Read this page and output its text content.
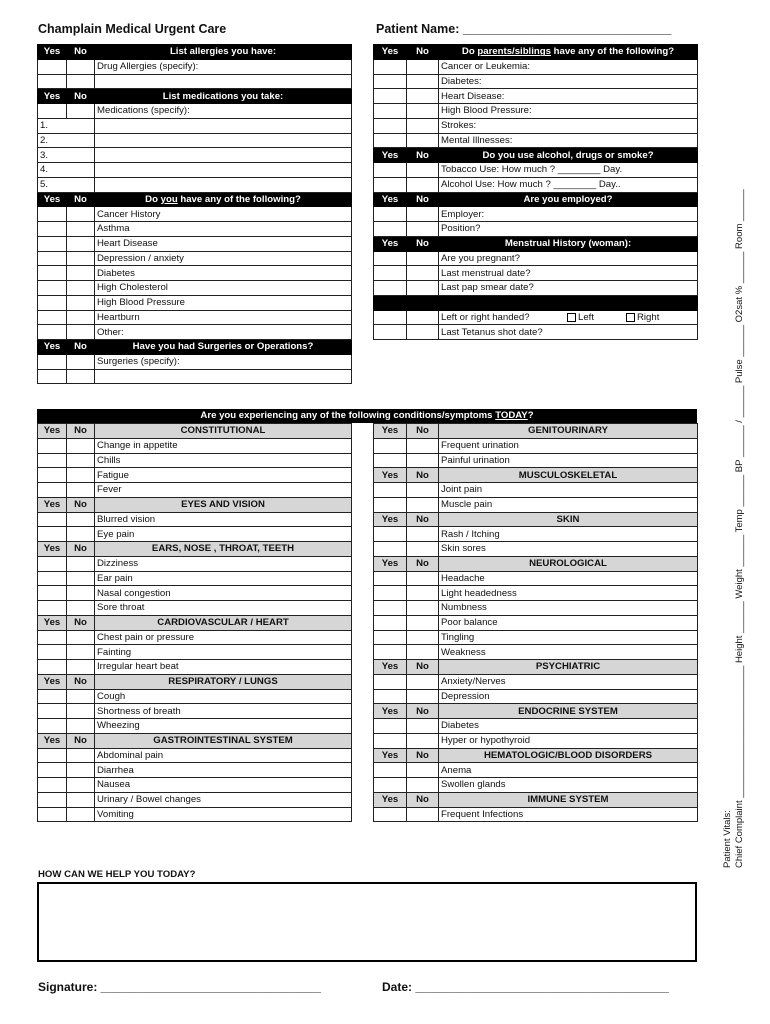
Champlain Medical Urgent Care	Patient Name: ______________________________
Yes	No	List allergies you have:
		Drug Allergies (specify):

Yes	No	List medications you take:
		Medications (specify):
1.		
2.		
3.		
4.		
5.		
Yes	No	Do you have any of the following?
		Cancer History
		Asthma
		Heart Disease
		Depression / anxiety
		Diabetes
		High Cholesterol
		High Blood Pressure
		Heartburn
		Other:
Yes	No	Have you had Surgeries or Operations?
		Surgeries (specify):

Yes	No	Do parents/siblings have any of the following?
		Cancer or Leukemia:
		Diabetes:
		Heart Disease:
		High Blood Pressure:
		Strokes:
		Mental Illnesses:
Yes	No	Do you use alcohol, drugs or smoke?
		Tobacco Use: How much ? ________ Day.
		Alcohol Use: How much ? ________ Day..
Yes	No	Are you employed?
		Employer:
		Position?
Yes	No	Menstrual History (woman):
		Are you pregnant?
		Last menstrual date?
		Last pap smear date?

		Left or right handed? Left Right
		Last Tetanus shot date?
Are you experiencing any of the following conditions/symptoms TODAY?
Yes	No	CONSTITUTIONAL
		Change in appetite
		Chills
		Fatigue
		Fever
Yes	No	EYES AND VISION
		Blurred vision
		Eye pain
Yes	No	EARS, NOSE , THROAT, TEETH
		Dizziness
		Ear pain
		Nasal congestion
		Sore throat
Yes	No	CARDIOVASCULAR / HEART
		Chest pain or pressure
		Fainting
		Irregular heart beat
Yes	No	RESPIRATORY / LUNGS
		Cough
		Shortness of breath
		Wheezing
Yes	No	GASTROINTESTINAL SYSTEM
		Abdominal pain
		Diarrhea
		Nausea
		Urinary / Bowel changes
		Vomiting
Yes	No	GENITOURINARY
		Frequent urination
		Painful urination
Yes	No	MUSCULOSKELETAL
		Joint pain
		Muscle pain
Yes	No	SKIN
		Rash / Itching
		Skin sores
Yes	No	NEUROLOGICAL
		Headache
		Light headedness
		Numbness
		Poor balance
		Tingling
		Weakness
Yes	No	PSYCHIATRIC
		Anxiety/Nerves
		Depression
Yes	No	ENDOCRINE SYSTEM
		Diabetes
		Hyper or hypothyroid
Yes	No	HEMATOLOGIC/BLOOD DISORDERS
		Anema
		Swollen glands
Yes	No	IMMUNE SYSTEM
		Frequent Infections
HOW CAN WE HELP YOU TODAY?
Signature: _________________________________	Date: ______________________________________
Patient Vitals: Chief Complaint _________________________ Height ______ Weight ______ Temp ______ BP ______ / ______ Pulse ______ O2sat % ______ Room ______
